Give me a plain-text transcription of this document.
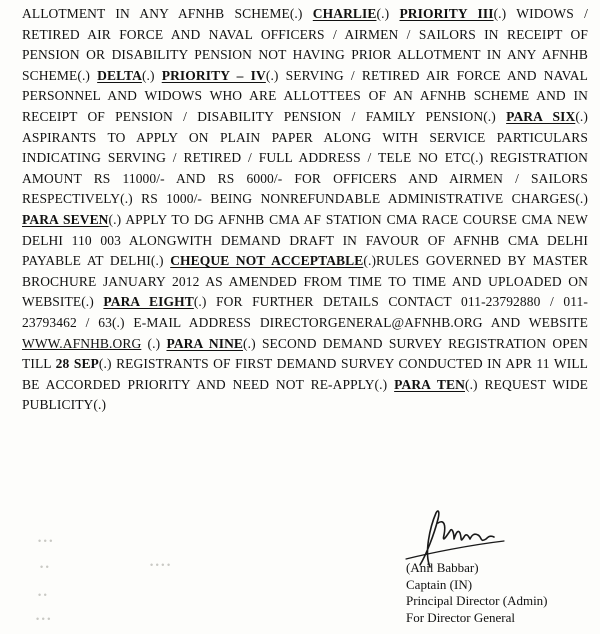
ALLOTMENT IN ANY AFNHB SCHEME(.) CHARLIE(.) PRIORITY III(.) WIDOWS / RETIRED AIR FORCE AND NAVAL OFFICERS / AIRMEN / SAILORS IN RECEIPT OF PENSION OR DISABILITY PENSION NOT HAVING PRIOR ALLOTMENT IN ANY AFNHB SCHEME(.) DELTA(.) PRIORITY – IV(.) SERVING / RETIRED AIR FORCE AND NAVAL PERSONNEL AND WIDOWS WHO ARE ALLOTTEES OF AN AFNHB SCHEME AND IN RECEIPT OF PENSION / DISABILITY PENSION / FAMILY PENSION(.) PARA SIX(.) ASPIRANTS TO APPLY ON PLAIN PAPER ALONG WITH SERVICE PARTICULARS INDICATING SERVING / RETIRED / FULL ADDRESS / TELE NO ETC(.) REGISTRATION AMOUNT RS 11000/- AND RS 6000/- FOR OFFICERS AND AIRMEN / SAILORS RESPECTIVELY(.) RS 1000/- BEING NONREFUNDABLE ADMINISTRATIVE CHARGES(.) PARA SEVEN(.) APPLY TO DG AFNHB CMA AF STATION CMA RACE COURSE CMA NEW DELHI 110 003 ALONGWITH DEMAND DRAFT IN FAVOUR OF AFNHB CMA DELHI PAYABLE AT DELHI(.) CHEQUE NOT ACCEPTABLE(.)RULES GOVERNED BY MASTER BROCHURE JANUARY 2012 AS AMENDED FROM TIME TO TIME AND UPLOADED ON WEBSITE(.) PARA EIGHT(.) FOR FURTHER DETAILS CONTACT 011-23792880 / 011-23793462 / 63(.) E-MAIL ADDRESS DIRECTORGENERAL@AFNHB.ORG AND WEBSITE WWW.AFNHB.ORG (.) PARA NINE(.) SECOND DEMAND SURVEY REGISTRATION OPEN TILL 28 SEP(.) REGISTRANTS OF FIRST DEMAND SURVEY CONDUCTED IN APR 11 WILL BE ACCORDED PRIORITY AND NEED NOT RE-APPLY(.) PARA TEN(.) REQUEST WIDE PUBLICITY(.)
(Anil Babbar)
Captain (IN)
Principal Director (Admin)
For Director General
• • •
• •	• • • •
• •
• • •
